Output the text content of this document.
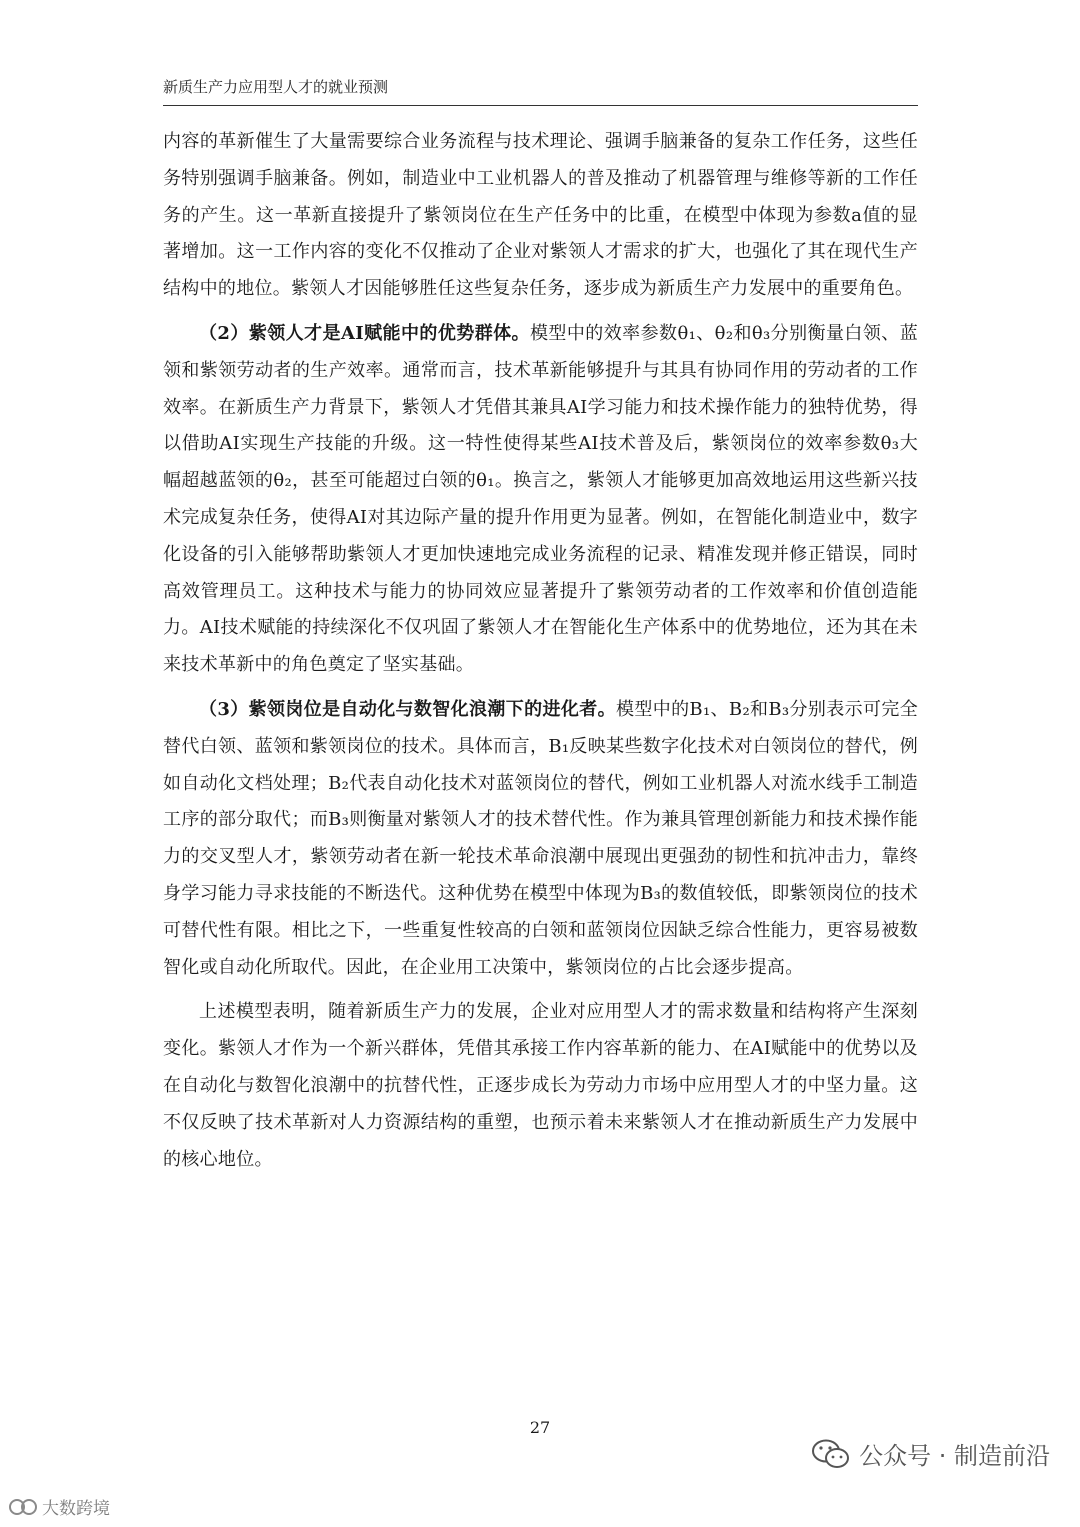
新质生产力应用型人才的就业预测

内容的革新催生了大量需要综合业务流程与技术理论、强调手脑兼备的复杂工作任务，这些任务特别强调手脑兼备。例如，制造业中工业机器人的普及推动了机器管理与维修等新的工作任务的产生。这一革新直接提升了紫领岗位在生产任务中的比重，在模型中体现为参数a值的显著增加。这一工作内容的变化不仅推动了企业对紫领人才需求的扩大，也强化了其在现代生产结构中的地位。紫领人才因能够胜任这些复杂任务，逐步成为新质生产力发展中的重要角色。

（2）紫领人才是AI赋能中的优势群体。模型中的效率参数θ₁、θ₂和θ₃分别衡量白领、蓝领和紫领劳动者的生产效率。通常而言，技术革新能够提升与其具有协同作用的劳动者的工作效率。在新质生产力背景下，紫领人才凭借其兼具AI学习能力和技术操作能力的独特优势，得以借助AI实现生产技能的升级。这一特性使得某些AI技术普及后，紫领岗位的效率参数θ₃大幅超越蓝领的θ₂，甚至可能超过白领的θ₁。换言之，紫领人才能够更加高效地运用这些新兴技术完成复杂任务，使得AI对其边际产量的提升作用更为显著。例如，在智能化制造业中，数字化设备的引入能够帮助紫领人才更加快速地完成业务流程的记录、精准发现并修正错误，同时高效管理员工。这种技术与能力的协同效应显著提升了紫领劳动者的工作效率和价值创造能力。AI技术赋能的持续深化不仅巩固了紫领人才在智能化生产体系中的优势地位，还为其在未来技术革新中的角色奠定了坚实基础。

（3）紫领岗位是自动化与数智化浪潮下的进化者。模型中的B₁、B₂和B₃分别表示可完全替代白领、蓝领和紫领岗位的技术。具体而言，B₁反映某些数字化技术对白领岗位的替代，例如自动化文档处理；B₂代表自动化技术对蓝领岗位的替代，例如工业机器人对流水线手工制造工序的部分取代；而B₃则衡量对紫领人才的技术替代性。作为兼具管理创新能力和技术操作能力的交叉型人才，紫领劳动者在新一轮技术革命浪潮中展现出更强劲的韧性和抗冲击力，靠终身学习能力寻求技能的不断迭代。这种优势在模型中体现为B₃的数值较低，即紫领岗位的技术可替代性有限。相比之下，一些重复性较高的白领和蓝领岗位因缺乏综合性能力，更容易被数智化或自动化所取代。因此，在企业用工决策中，紫领岗位的占比会逐步提高。

上述模型表明，随着新质生产力的发展，企业对应用型人才的需求数量和结构将产生深刻变化。紫领人才作为一个新兴群体，凭借其承接工作内容革新的能力、在AI赋能中的优势以及在自动化与数智化浪潮中的抗替代性，正逐步成长为劳动力市场中应用型人才的中坚力量。这不仅反映了技术革新对人力资源结构的重塑，也预示着未来紫领人才在推动新质生产力发展中的核心地位。

27
公众号 · 制造前沿
大数跨境
